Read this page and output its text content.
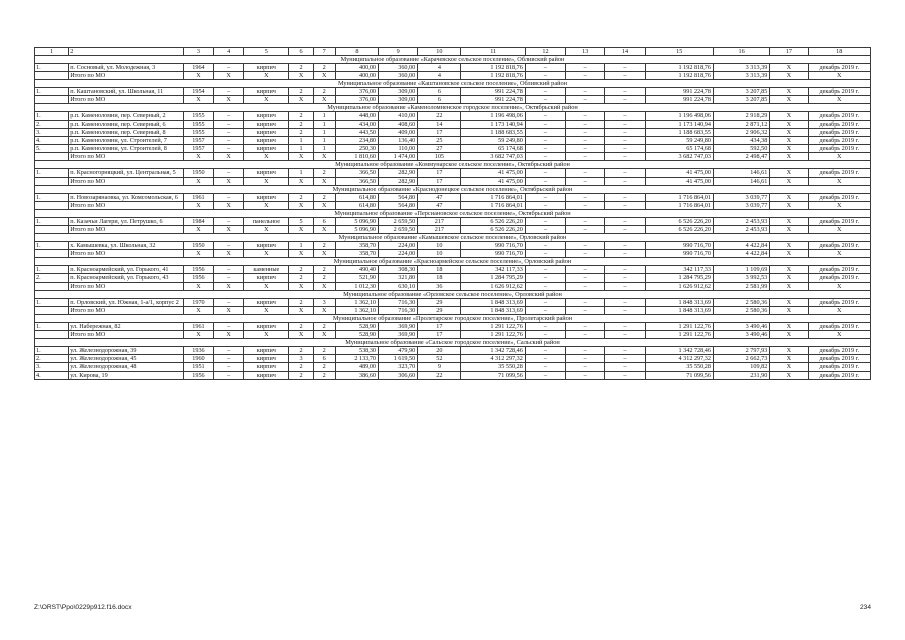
1	2	3	4	5	6	7	8	9	10	11	12	13	14	15	16	17	18
Муниципальное образование «Карачевское сельское поселение», Обливский район																	
1.	п. Сосновый, ул. Молодежная, 3	1964	–	кирпич	2	2	400,00	360,00	4	1 192 818,76	–	–	–	1 192 818,76	3 313,39	Х	декабрь 2019 г.
	Итого по МО	Х	Х	Х	Х	Х	400,00	360,00	4	1 192 818,76	–	–	–	1 192 818,76	3 313,39	Х	Х
Муниципальное образование «Каштановское сельское поселение», Обливский район																	
1.	п. Каштановский, ул. Школьная, 11	1954	–	кирпич	2	2	376,00	309,00	6	991 224,78	–	–	–	991 224,78	3 207,85	Х	декабрь 2019 г.
	Итого по МО	Х	Х	Х	Х	Х	376,00	309,00	6	991 224,78	–	–	–	991 224,78	3 207,85	Х	Х
Муниципальное образование «Каменоломненское городское поселение», Октябрьский район																	
1.	р.п. Каменоломни, пер. Северный, 2	1955	–	кирпич	2	1	448,00	410,00	22	1 196 498,06	–	–	–	1 196 498,06	2 918,29	Х	декабрь 2019 г.
2.	р.п. Каменоломни, пер. Северный, 6	1955	–	кирпич	2	1	434,00	408,60	14	1 173 140,94	–	–	–	1 173 140,94	2 871,12	Х	декабрь 2019 г.
3.	р.п. Каменоломни, пер. Северный, 8	1955	–	кирпич	2	1	443,50	409,00	17	1 188 683,55	–	–	–	1 188 683,55	2 906,32	Х	декабрь 2019 г.
4.	р.п. Каменоломни, ул. Строителей, 7	1957	–	кирпич	1	1	234,80	136,40	25	59 249,80	–	–	–	59 249,80	434,38	Х	декабрь 2019 г.
5.	р.п. Каменоломни, ул. Строителей, 8	1957	–	кирпич	1	1	250,30	110,00	27	65 174,68	–	–	–	65 174,68	592,50	Х	декабрь 2019 г.
	Итого по МО	Х	Х	Х	Х	Х	1 810,60	1 474,00	105	3 682 747,03	–	–	–	3 682 747,03	2 498,47	Х	Х
Муниципальное образование «Коммунарское сельское поселение», Октябрьский район																	
1.	п. Красногорняцкий, ул. Центральная, 5	1950	–	кирпич	1	2	366,50	282,90	17	41 475,00	–	–	–	41 475,00	146,61	Х	декабрь 2019 г.
	Итого по МО	Х	Х	Х	Х	Х	366,50	282,90	17	41 475,00	–	–	–	41 475,00	146,61	Х	Х
Муниципальное образование «Краснодонецкое сельское поселение», Октябрьский район																	
1.	п. Новозарянаовка, ул. Комсомольская, 6	1961	–	кирпич	2	2	614,80	564,80	47	1 716 864,01	–	–	–	1 716 864,01	3 039,77	Х	декабрь 2019 г.
	Итого по МО	Х	Х	Х	Х	Х	614,80	564,80	47	1 716 864,01	–	–	–	1 716 864,01	3 039,77	Х	Х
Муниципальное образование «Персиановское сельское поселение», Октябрьский район																	
1.	п. Казачьи Лагери, ул. Петрушко, 6	1984	–	панельное	5	6	5 096,90	2 659,50	217	6 526 226,20	–	–	–	6 526 226,20	2 453,93	Х	декабрь 2019 г.
	Итого по МО	Х	Х	Х	Х	Х	5 096,90	2 659,50	217	6 526 226,20	–	–	–	6 526 226,20	2 453,93	Х	Х
Муниципальное образование «Камышевское сельское поселение», Орловский район																	
1.	х. Камышевка, ул. Школьная, 32	1950	–	кирпич	1	2	358,70	224,00	10	990 716,70	–	–	–	990 716,70	4 422,84	Х	декабрь 2019 г.
	Итого по МО	Х	Х	Х	Х	Х	358,70	224,00	10	990 716,70	–	–	–	990 716,70	4 422,84	Х	Х
Муниципальное образование «Красноармейское сельское поселение», Орловский район																	
1.	п. Красноармейский, ул. Горького, 41	1956	–	каменные	2	2	490,40	308,30	18	342 117,33	–	–	–	342 117,33	1 109,69	Х	декабрь 2019 г.
2.	п. Красноармейский, ул. Горького, 43	1956	–	кирпич	2	2	521,90	321,80	18	1 284 795,29	–	–	–	1 284 795,29	3 992,53	Х	декабрь 2019 г.
	Итого по МО	Х	Х	Х	Х	Х	1 012,30	630,10	36	1 626 912,62	–	–	–	1 626 912,62	2 581,99	Х	Х
Муниципальное образование «Орловское сельское поселение», Орловский район																	
1.	п. Орловский, ул. Южная, 1-а/1, корпус 2	1970	–	кирпич	2	3	1 362,10	716,30	29	1 848 313,69	–	–	–	1 848 313,69	2 580,36	Х	декабрь 2019 г.
	Итого по МО	Х	Х	Х	Х	Х	1 362,10	716,30	29	1 848 313,69	–	–	–	1 848 313,69	2 580,36	Х	Х
Муниципальное образование «Пролетарское городское поселение», Пролетарский район																	
1.	ул. Набережная, 82	1961	–	кирпич	2	2	528,90	369,90	17	1 291 122,76	–	–	–	1 291 122,76	3 490,46	Х	декабрь 2019 г.
	Итого по МО	Х	Х	Х	Х	Х	528,90	369,90	17	1 291 122,76	–	–	–	1 291 122,76	3 490,46	Х	Х
Муниципальное образование «Сальское городское поселение», Сальский район																	
1.	ул. Железнодорожная, 39	1936	–	кирпич	2	2	538,30	479,90	20	1 342 728,46	–	–	–	1 342 728,46	2 797,93	Х	декабрь 2019 г.
2.	ул. Железнодорожная, 45	1960	–	кирпич	3	6	2 133,70	1 619,50	52	4 312 297,32	–	–	–	4 312 297,32	2 662,73	Х	декабрь 2019 г.
3.	ул. Железнодорожная, 48	1951	–	кирпич	2	2	489,00	323,70	9	35 550,28	–	–	–	35 550,28	109,82	Х	декабрь 2019 г.
4.	ул. Кирова, 19	1956	–	кирпич	2	2	386,60	306,60	22	71 099,56	–	–	–	71 099,56	231,90	Х	декабрь 2019 г.
Z:\ORST\Ppo\0229p912.f16.docx	234
